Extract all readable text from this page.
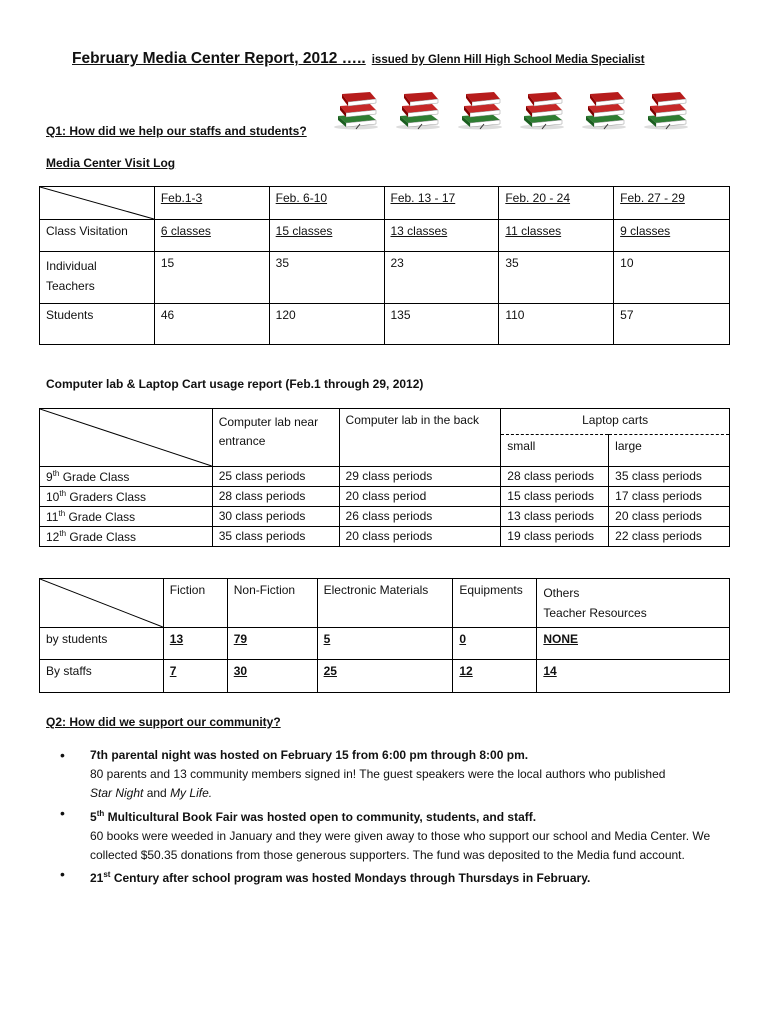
February Media Center Report, 2012 ….. issued by Glenn Hill High School Media Specialist
Q1: How did we help our staffs and students?
Media Center Visit Log
	Feb.1-3	Feb. 6-10	Feb. 13 - 17	Feb. 20 - 24	Feb. 27 - 29
Class Visitation	6 classes	15 classes	13 classes	11 classes	9 classes
Individual Teachers	15	35	23	35	10
Students	46	120	135	110	57
Computer lab & Laptop Cart usage report (Feb.1 through 29, 2012)
	Computer lab near entrance	Computer lab in the back	Laptop carts	
			small	large
9th Grade Class	25 class periods	29 class periods	28 class periods	35 class periods
10th Graders Class	28 class periods	20 class period	15 class periods	17 class periods
11th Grade Class	30 class periods	26 class periods	13 class periods	20 class periods
12th Grade Class	35 class periods	20 class periods	19 class periods	22 class periods
	Fiction	Non-Fiction	Electronic Materials	Equipments	Others
Teacher Resources

by students	13	79	5	0	NONE
By staffs	7	30	25	12	14
Q2: How did we support our community?
• 7th parental night was hosted on February 15 from 6:00 pm through 8:00 pm.
80 parents and 13 community members signed in! The guest speakers were the local authors who published
Star Night and My Life.
• 5th Multicultural Book Fair was hosted open to community, students, and staff.
60 books were weeded in January and they were given away to those who support our school and Media Center. We collected $50.35 donations from those generous supporters. The fund was deposited to the Media fund account.
• 21st Century after school program was hosted Mondays through Thursdays in February.
